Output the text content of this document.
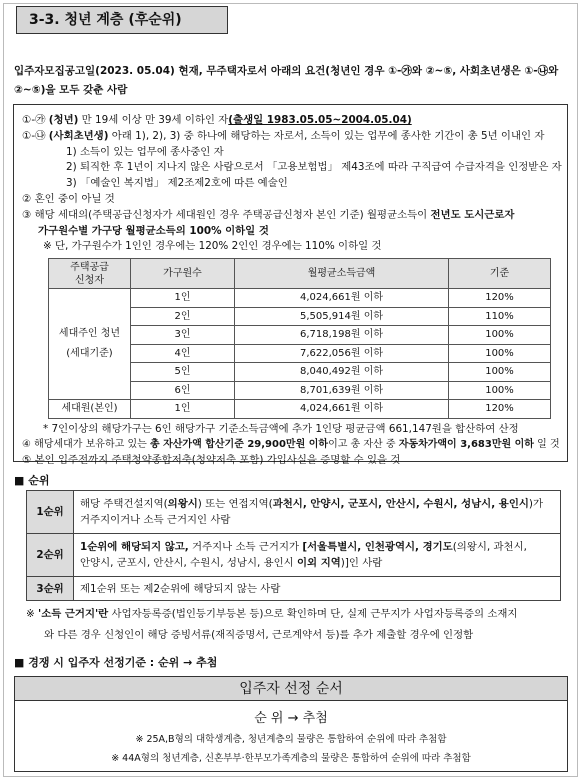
3-3. 청년 계층 (후순위)
입주자모집공고일(2023. 05.04) 현재, 무주택자로서 아래의 요건(청년인 경우 ①-㉮와 ②~⑤, 사회초년생은 ①-㉯와
②~⑤)을 모두 갖춘 사람
①-㉮ (청년) 만 19세 이상 만 39세 이하인 자(출생일 1983.05.05~2004.05.04)
①-㉯ (사회초년생) 아래 1), 2), 3) 중 하나에 해당하는 자로서, 소득이 있는 업무에 종사한 기간이 총 5년 이내인 자
1) 소득이 있는 업무에 종사중인 자
2) 퇴직한 후 1년이 지나지 않은 사람으로서 「고용보험법」 제43조에 따라 구직급여 수급자격을 인정받은 자
3) 「예술인 복지법」 제2조제2호에 따른 예술인
② 혼인 중이 아닐 것
③ 해당 세대의(주택공급신청자가 세대원인 경우 주택공급신청자 본인 기준) 월평균소득이 전년도 도시근로자
가구원수별 가구당 월평균소득의 100% 이하일 것
※ 단, 가구원수가 1인인 경우에는 120% 2인인 경우에는 110% 이하일 것
주택공급
신청자	가구원수	월평균소득금액	기준
세대주인 청년
(세대기준)	1인	4,024,661원 이하	120%
	2인	5,505,914원 이하	110%
	3인	6,718,198원 이하	100%
	4인	7,622,056원 이하	100%
	5인	8,040,492원 이하	100%
	6인	8,701,639원 이하	100%
세대원(본인)	1인	4,024,661원 이하	120%
* 7인이상의 해당가구는 6인 해당가구 기준소득금액에 추가 1인당 평균금액 661,147원을 합산하여 산정
④ 해당세대가 보유하고 있는 총 자산가액 합산기준 29,900만원 이하이고 총 자산 중 자동차가액이 3,683만원 이하 일 것
⑤ 본인 입주전까지 주택청약종합저축(청약저축 포함) 가입사실을 증명할 수 있을 것
■ 순위
1순위	해당 주택건설지역(의왕시) 또는 연접지역(과천시, 안양시, 군포시, 안산시, 수원시, 성남시, 용인시)가
거주지이거나 소득 근거지인 사람
2순위	1순위에 해당되지 않고, 거주지나 소득 근거지가 [서울특별시, 인천광역시, 경기도(의왕시, 과천시,
안양시, 군포시, 안산시, 수원시, 성남시, 용인시 이외 지역)]인 사람
3순위	제1순위 또는 제2순위에 해당되지 않는 사람
※ '소득 근거지'란 사업자등록증(법인등기부등본 등)으로 확인하며 단, 실제 근무지가 사업자등록증의 소재지
와 다른 경우 신청인이 해당 증빙서류(재직증명서, 근로계약서 등)를 추가 제출할 경우에 인정함
■ 경쟁 시 입주자 선정기준 : 순위 → 추첨
입주자 선정 순서
순 위 → 추첨
※ 25A,B형의 대학생계층, 청년계층의 물량은 통합하여 순위에 따라 추첨함
※ 44A형의 청년계층, 신혼부부·한부모가족계층의 물량은 통합하여 순위에 따라 추첨함
